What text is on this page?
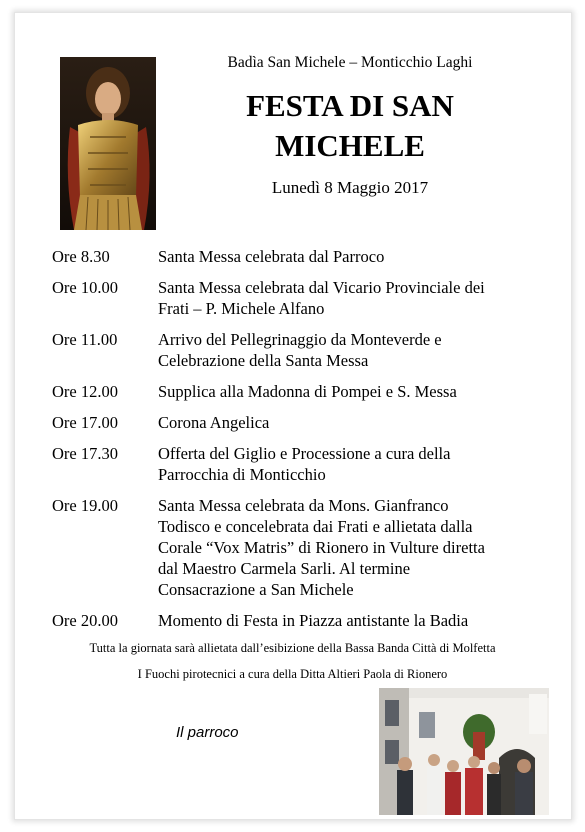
Badìa San Michele – Monticchio Laghi
FESTA DI SAN
MICHELE
Lunedì 8 Maggio 2017
Ore 8.30	Santa Messa celebrata dal Parroco
Ore 10.00	Santa Messa celebrata dal Vicario Provinciale dei
Frati – P. Michele Alfano
Ore 11.00	Arrivo del Pellegrinaggio da Monteverde e
Celebrazione della Santa Messa
Ore 12.00	Supplica alla Madonna di Pompei e S. Messa
Ore 17.00	Corona Angelica
Ore 17.30	Offerta del Giglio e Processione a cura della
Parrocchia di Monticchio
Ore 19.00	Santa Messa celebrata da Mons. Gianfranco
Todisco e concelebrata dai Frati e allietata dalla
Corale “Vox Matris” di Rionero in Vulture diretta
dal Maestro Carmela Sarli. Al termine
Consacrazione a San Michele
Ore 20.00	Momento di Festa in Piazza antistante la Badia
Tutta la giornata sarà allietata dall’esibizione della Bassa Banda Città di Molfetta
I Fuochi pirotecnici a cura della Ditta Altieri Paola di Rionero
Il parroco
